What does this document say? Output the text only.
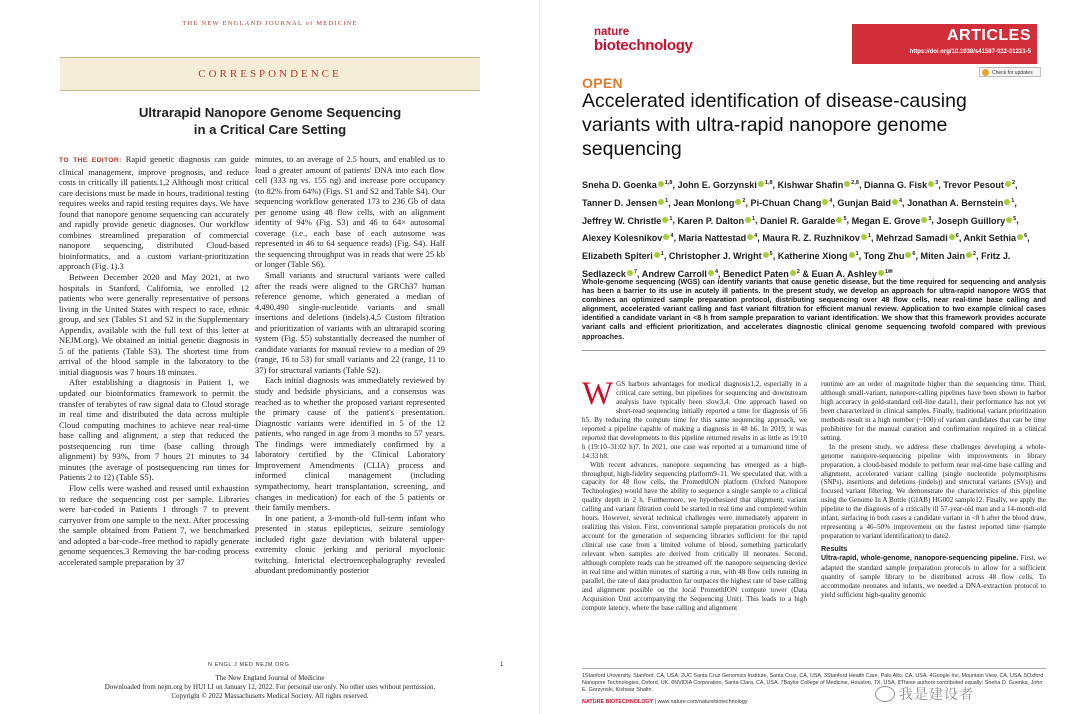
THE NEW ENGLAND JOURNAL of MEDICINE
CORRESPONDENCE
Ultrarapid Nanopore Genome Sequencing
in a Critical Care Setting

TO THE EDITOR: Rapid genetic diagnosis can guide clinical management, improve prognosis, and reduce costs in critically ill patients.1,2 Although most critical care decisions must be made in hours, traditional testing requires weeks and rapid testing requires days. We have found that nanopore genome sequencing can accurately and rapidly provide genetic diagnoses. Our workflow combines streamlined preparation of commercial nanopore sequencing, distributed Cloud-based bioinformatics, and a custom variant-prioritization approach (Fig. 1).3

Between December 2020 and May 2021, at two hospitals in Stanford, California, we enrolled 12 patients who were generally representative of persons living in the United States with respect to race, ethnic group, and sex (Tables S1 and S2 in the Supplementary Appendix, available with the full text of this letter at NEJM.org). We obtained an initial genetic diagnosis in 5 of the patients (Table S3). The shortest time from arrival of the blood sample in the laboratory to the initial diagnosis was 7 hours 18 minutes.

After establishing a diagnosis in Patient 1, we updated our bioinformatics framework to permit the transfer of terabytes of raw signal data to Cloud storage in real time and distributed the data across multiple Cloud computing machines to achieve near real-time base calling and alignment, a step that reduced the postsequencing run time (base calling through alignment) by 93%, from 7 hours 21 minutes to 34 minutes (the average of postsequencing run times for Patients 2 to 12) (Table S5).

Flow cells were washed and reused until exhaustion to reduce the sequencing cost per sample. Libraries were bar-coded in Patients 1 through 7 to prevent carryover from one sample to the next. After processing the sample obtained from Patient 7, we benchmarked and adopted a bar-code–free method to rapidly generate genome sequences.3 Removing the bar-coding process accelerated sample preparation by 37

minutes, to an average of 2.5 hours, and enabled us to load a greater amount of patients' DNA into each flow cell (333 ng vs. 155 ng) and increase pore occupancy (to 82% from 64%) (Figs. S1 and S2 and Table S4). Our sequencing workflow generated 173 to 236 Gb of data per genome using 48 flow cells, with an alignment identity of 94% (Fig. S3) and 46 to 64× autosomal coverage (i.e., each base of each autosome was represented in 46 to 64 sequence reads) (Fig. S4). Half the sequencing throughput was in reads that were 25 kb or longer (Table S6).

Small variants and structural variants were called after the reads were aligned to the GRCh37 human reference genome, which generated a median of 4,490,490 single-nucleotide variants and small insertions and deletions (indels).4,5 Custom filtration and prioritization of variants with an ultrarapid scoring system (Fig. S5) substantially decreased the number of candidate variants for manual review to a median of 29 (range, 16 to 53) for small variants and 22 (range, 11 to 37) for structural variants (Table S2).

Each initial diagnosis was immediately reviewed by study and bedside physicians, and a consensus was reached as to whether the proposed variant represented the primary cause of the patient's presentation. Diagnostic variants were identified in 5 of the 12 patients, who ranged in age from 3 months to 57 years. The findings were immediately confirmed by a laboratory certified by the Clinical Laboratory Improvement Amendments (CLIA) process and informed clinical management (including sympathectomy, heart transplantation, screening, and changes in medication) for each of the 5 patients or their family members.

In one patient, a 3-month-old full-term infant who presented in status epilepticus, seizure semiology included right gaze deviation with bilateral upper-extremity clonic jerking and perioral myoclonic twitching. Interictal electroencephalography revealed abundant predominantly posterior

N ENGL J MED NEJM.ORG
The New England Journal of Medicine
Downloaded from nejm.org by HUI LI on January 12, 2022. For personal use only. No other uses without permission.
Copyright © 2022 Massachusetts Medical Society. All rights reserved.
nature
biotechnology
ARTICLES
https://doi.org/10.1038/s41587-022-01221-5
Check for updates
OPEN
Accelerated identification of disease-causing variants with ultra-rapid nanopore genome sequencing
Sneha D. Goenka $^{1,8}$, John E. Gorzynski $^{1,8}$, Kishwar Shafin $^{2,8}$, Dianna G. Fisk $^3$, Trevor Pesout $^2$, Tanner D. Jensen $^1$, Jean Monlong $^2$, Pi-Chuan Chang $^4$, Gunjan Baid $^4$, Jonathan A. Bernstein $^1$, Jeffrey W. Christle $^1$, Karen P. Dalton $^1$, Daniel R. Garalde $^5$, Megan E. Grove $^3$, Joseph Guillory $^5$, Alexey Kolesnikov $^4$, Maria Nattestad $^4$, Maura R. Z. Ruzhnikov $^1$, Mehrzad Samadi $^6$, Ankit Sethia $^6$, Elizabeth Spiteri $^1$, Christopher J. Wright $^5$, Katherine Xiong $^1$, Tong Zhu $^6$, Miten Jain $^2$, Fritz J. Sedlazeck $^7$, Andrew Carroll $^4$, Benedict Paten $^2$ & Euan A. Ashley $^{1✉}$
Whole-genome sequencing (WGS) can identify variants that cause genetic disease, but the time required for sequencing and analysis has been a barrier to its use in acutely ill patients. In the present study, we develop an approach for ultra-rapid nanopore WGS that combines an optimized sample preparation protocol, distributing sequencing over 48 flow cells, near real-time base calling and alignment, accelerated variant calling and fast variant filtration for efficient manual review. Application to two example clinical cases identified a candidate variant in <8 h from sample preparation to variant identification. We show that this framework provides accurate variant calls and efficient prioritization, and accelerates diagnostic clinical genome sequencing twofold compared with previous approaches.

WGS harbors advantages for medical diagnosis1,2, especially in a critical care setting, but pipelines for sequencing and downstream analysis have typically been slow3,4. One approach based on short-read sequencing initially reported a time for diagnosis of 56 h5. By reducing the compute time for this same sequencing approach, we reported a pipeline capable of making a diagnosis in 48 h6. In 2019, it was reported that developments to this pipeline returned results in as little as 19:10 h (19:10–31:02 h)7. In 2021, one case was reported at a turnaround time of 14:33 h8.

With recent advances, nanopore sequencing has emerged as a high-throughput, high-fidelity sequencing platform9–11. We speculated that, with a capacity for 48 flow cells, the PromethION platform (Oxford Nanopore Technologies) would have the ability to sequence a single sample to a clinical quality depth in 2 h. Furthermore, we hypothesized that alignment, variant calling and variant filtration could be started in real time and completed within hours. However, several technical challenges were immediately apparent in realizing this vision. First, conventional sample preparation protocols do not account for the generation of sequencing libraries sufficient for the rapid clinical use case from a limited volume of blood, something particularly relevant when samples are derived from critically ill neonates. Second, although complete reads can be streamed off the nanopore sequencing device in real time and within minutes of starting a run, with 48 flow cells running in parallel, the rate of data production far outpaces the highest rate of base calling and alignment possible on the local PromethION compute tower (Data Acquisition Unit accompanying the Sequencing Unit). This leads to a high compute latency, where the base calling and alignment

runtime are an order of magnitude higher than the sequencing time. Third, although small-variant, nanopore-calling pipelines have been shown to harbor high accuracy in gold-standard cell-line data11, their performance has not yet been characterized in clinical samples. Finally, traditional variant prioritization methods result in a high number (~100) of variant candidates that can be time prohibitive for the manual curation and confirmation required in a clinical setting.

In the present study, we address these challenges developing a whole-genome nanopore-sequencing pipeline with improvements in library preparation, a cloud-based module to perform near real-time base calling and alignment, accelerated variant calling (single nucleotide polymorphisms (SNPs), insertions and deletions (indels)) and structural variants (SVs)) and focused variant filtering. We demonstrate the characteristics of this pipeline using the Genome In A Bottle (GIAB) HG002 sample12. Finally, we apply the pipeline to the diagnosis of a critically ill 57-year-old man and a 14-month-old infant, surfacing in both cases a candidate variant in <8 h after the blood draw, representing a 46–50% improvement on the fastest reported time (sample preparation to variant identification) to date2.

Results

Ultra-rapid, whole-genome, nanopore-sequencing pipeline. First, we adapted the standard sample preparation protocols to allow for a sufficient quantity of sample library to be distributed across 48 flow cells. To accommodate neonates and infants, we needed a DNA-extraction protocol to yield sufficient high-quality genomic

1
1Stanford University, Stanford, CA, USA. 2UC Santa Cruz Genomics Institute, Santa Cruz, CA, USA. 3Stanford Health Care, Palo Alto, CA, USA. 4Google Inc, Mountain View, CA, USA. 5Oxford Nanopore Technologies, Oxford, UK. 6NVIDIA Corporation, Santa Clara, CA, USA. 7Baylor College of Medicine, Houston, TX, USA. 8These authors contributed equally: Sneha D. Goenka, John E. Gorzynski, Kishwar Shafin.
NATURE BIOTECHNOLOGY | www.nature.com/naturebiotechnology	我是建设者
